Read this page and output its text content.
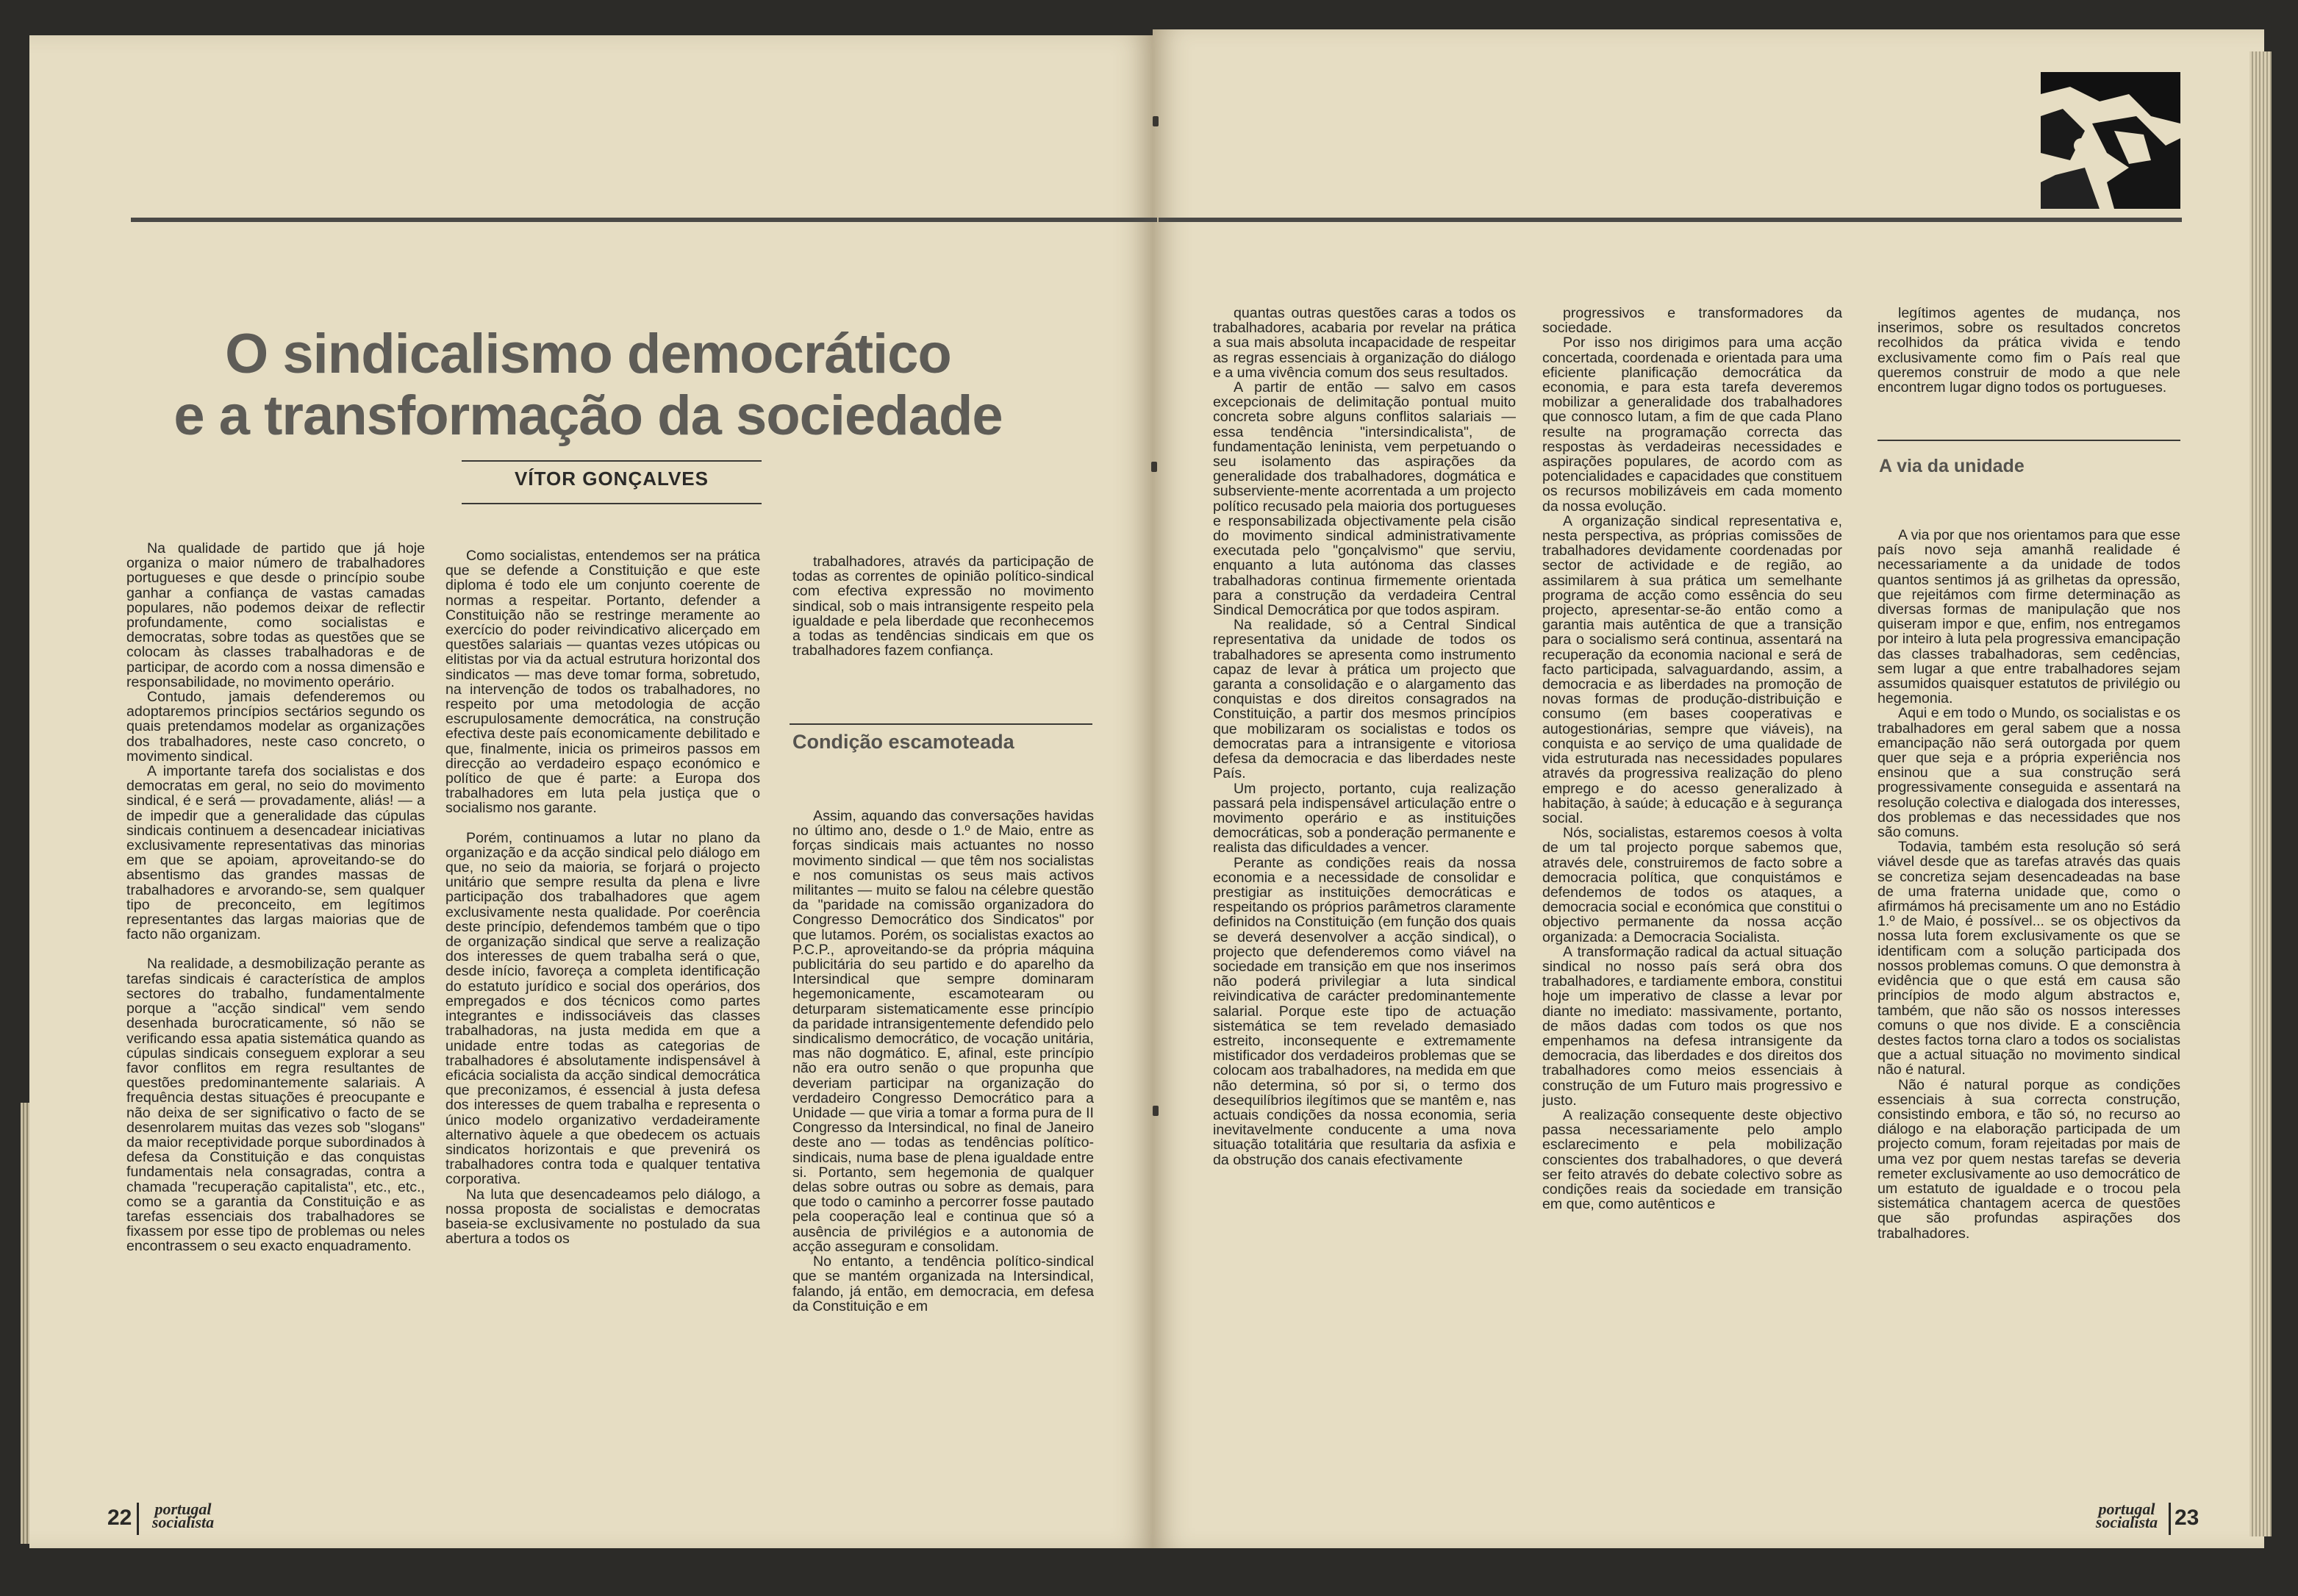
O sindicalismo democrático
e a transformação da sociedade
VÍTOR GONÇALVES

Na qualidade de partido que já hoje organiza o maior número de trabalhadores portugueses e que desde o princípio soube ganhar a confiança de vastas camadas populares, não podemos deixar de reflectir profundamente, como socialistas e democratas, sobre todas as questões que se colocam às classes trabalhadoras e de participar, de acordo com a nossa dimensão e responsabilidade, no movimento operário.

Contudo, jamais defenderemos ou adoptaremos princípios sectários segundo os quais pretendamos modelar as organizações dos trabalhadores, neste caso concreto, o movimento sindical.

A importante tarefa dos socialistas e dos democratas em geral, no seio do movimento sindical, é e será — provadamente, aliás! — a de impedir que a generalidade das cúpulas sindicais continuem a desencadear iniciativas exclusivamente representativas das minorias em que se apoiam, aproveitando-se do absentismo das grandes massas de trabalhadores e arvorando-se, sem qualquer tipo de preconceito, em legítimos representantes das largas maiorias que de facto não organizam.

Na realidade, a desmobilização perante as tarefas sindicais é característica de amplos sectores do trabalho, fundamentalmente porque a "acção sindical" vem sendo desenhada burocraticamente, só não se verificando essa apatia sistemática quando as cúpulas sindicais conseguem explorar a seu favor conflitos em regra resultantes de questões predominantemente salariais. A frequência destas situações é preocupante e não deixa de ser significativo o facto de se desenrolarem muitas das vezes sob "slogans" da maior receptividade porque subordinados à defesa da Constituição e das conquistas fundamentais nela consagradas, contra a chamada "recuperação capitalista", etc., etc., como se a garantia da Constituição e as tarefas essenciais dos trabalhadores se fixassem por esse tipo de problemas ou neles encontrassem o seu exacto enquadramento.

Como socialistas, entendemos ser na prática que se defende a Constituição e que este diploma é todo ele um conjunto coerente de normas a respeitar. Portanto, defender a Constituição não se restringe meramente ao exercício do poder reivindicativo alicerçado em questões salariais — quantas vezes utópicas ou elitistas por via da actual estrutura horizontal dos sindicatos — mas deve tomar forma, sobretudo, na intervenção de todos os trabalhadores, no respeito por uma metodologia de acção escrupulosamente democrática, na construção efectiva deste país economicamente debilitado e que, finalmente, inicia os primeiros passos em direcção ao verdadeiro espaço económico e político de que é parte: a Europa dos trabalhadores em luta pela justiça que o socialismo nos garante.

Porém, continuamos a lutar no plano da organização e da acção sindical pelo diálogo em que, no seio da maioria, se forjará o projecto unitário que sempre resulta da plena e livre participação dos trabalhadores que agem exclusivamente nesta qualidade. Por coerência deste princípio, defendemos também que o tipo de organização sindical que serve a realização dos interesses de quem trabalha será o que, desde início, favoreça a completa identificação do estatuto jurídico e social dos operários, dos empregados e dos técnicos como partes integrantes e indissociáveis das classes trabalhadoras, na justa medida em que a unidade entre todas as categorias de trabalhadores é absolutamente indispensável à eficácia socialista da acção sindical democrática que preconizamos, é essencial à justa defesa dos interesses de quem trabalha e representa o único modelo organizativo verdadeiramente alternativo àquele a que obedecem os actuais sindicatos horizontais e que prevenirá os trabalhadores contra toda e qualquer tentativa corporativa.

Na luta que desencadeamos pelo diálogo, a nossa proposta de socialistas e democratas baseia-se exclusivamente no postulado da sua abertura a todos os

trabalhadores, através da participação de todas as correntes de opinião político-sindical com efectiva expressão no movimento sindical, sob o mais intransigente respeito pela igualdade e pela liberdade que reconhecemos a todas as tendências sindicais em que os trabalhadores fazem confiança.

Condição escamoteada

Assim, aquando das conversações havidas no último ano, desde o 1.º de Maio, entre as forças sindicais mais actuantes no nosso movimento sindical — que têm nos socialistas e nos comunistas os seus mais activos militantes — muito se falou na célebre questão da "paridade na comissão organizadora do Congresso Democrático dos Sindicatos" por que lutamos. Porém, os socialistas exactos ao P.C.P., aproveitando-se da própria máquina publicitária do seu partido e do aparelho da Intersindical que sempre dominaram hegemonicamente, escamotearam ou deturparam sistematicamente esse princípio da paridade intransigentemente defendido pelo sindicalismo democrático, de vocação unitária, mas não dogmático. E, afinal, este princípio não era outro senão o que propunha que deveriam participar na organização do verdadeiro Congresso Democrático para a Unidade — que viria a tomar a forma pura de II Congresso da Intersindical, no final de Janeiro deste ano — todas as tendências político-sindicais, numa base de plena igualdade entre si. Portanto, sem hegemonia de qualquer delas sobre outras ou sobre as demais, para que todo o caminho a percorrer fosse pautado pela cooperação leal e continua que só a ausência de privilégios e a autonomia de acção asseguram e consolidam.

No entanto, a tendência político-sindical que se mantém organizada na Intersindical, falando, já então, em democracia, em defesa da Constituição e em

quantas outras questões caras a todos os trabalhadores, acabaria por revelar na prática a sua mais absoluta incapacidade de respeitar as regras essenciais à organização do diálogo e a uma vivência comum dos seus resultados.

A partir de então — salvo em casos excepcionais de delimitação pontual muito concreta sobre alguns conflitos salariais — essa tendência "intersindicalista", de fundamentação leninista, vem perpetuando o seu isolamento das aspirações da generalidade dos trabalhadores, dogmática e subserviente-mente acorrentada a um projecto político recusado pela maioria dos portugueses e responsabilizada objectivamente pela cisão do movimento sindical administrativamente executada pelo "gonçalvismo" que serviu, enquanto a luta autónoma das classes trabalhadoras continua firmemente orientada para a construção da verdadeira Central Sindical Democrática por que todos aspiram.

Na realidade, só a Central Sindical representativa da unidade de todos os trabalhadores se apresenta como instrumento capaz de levar à prática um projecto que garanta a consolidação e o alargamento das conquistas e dos direitos consagrados na Constituição, a partir dos mesmos princípios que mobilizaram os socialistas e todos os democratas para a intransigente e vitoriosa defesa da democracia e das liberdades neste País.

Um projecto, portanto, cuja realização passará pela indispensável articulação entre o movimento operário e as instituições democráticas, sob a ponderação permanente e realista das dificuldades a vencer.

Perante as condições reais da nossa economia e a necessidade de consolidar e prestigiar as instituições democráticas e respeitando os próprios parâmetros claramente definidos na Constituição (em função dos quais se deverá desenvolver a acção sindical), o projecto que defenderemos como viável na sociedade em transição em que nos inserimos não poderá privilegiar a luta sindical reivindicativa de carácter predominantemente salarial. Porque este tipo de actuação sistemática se tem revelado demasiado estreito, inconsequente e extremamente mistificador dos verdadeiros problemas que se colocam aos trabalhadores, na medida em que não determina, só por si, o termo dos desequilíbrios ilegítimos que se mantêm e, nas actuais condições da nossa economia, seria inevitavelmente conducente a uma nova situação totalitária que resultaria da asfixia e da obstrução dos canais efectivamente

progressivos e transformadores da sociedade.

Por isso nos dirigimos para uma acção concertada, coordenada e orientada para uma eficiente planificação democrática da economia, e para esta tarefa deveremos mobilizar a generalidade dos trabalhadores que connosco lutam, a fim de que cada Plano resulte na programação correcta das respostas às verdadeiras necessidades e aspirações populares, de acordo com as potencialidades e capacidades que constituem os recursos mobilizáveis em cada momento da nossa evolução.

A organização sindical representativa e, nesta perspectiva, as próprias comissões de trabalhadores devidamente coordenadas por sector de actividade e de região, ao assimilarem à sua prática um semelhante programa de acção como essência do seu projecto, apresentar-se-ão então como a garantia mais autêntica de que a transição para o socialismo será continua, assentará na recuperação da economia nacional e será de facto participada, salvaguardando, assim, a democracia e as liberdades na promoção de novas formas de produção-distribuição e consumo (em bases cooperativas e autogestionárias, sempre que viáveis), na conquista e ao serviço de uma qualidade de vida estruturada nas necessidades populares através da progressiva realização do pleno emprego e do acesso generalizado à habitação, à saúde; à educação e à segurança social.

Nós, socialistas, estaremos coesos à volta de um tal projecto porque sabemos que, através dele, construiremos de facto sobre a democracia política, que conquistámos e defendemos de todos os ataques, a democracia social e económica que constitui o objectivo permanente da nossa acção organizada: a Democracia Socialista.

A transformação radical da actual situação sindical no nosso país será obra dos trabalhadores, e tardiamente embora, constitui hoje um imperativo de classe a levar por diante no imediato: massivamente, portanto, de mãos dadas com todos os que nos empenhamos na defesa intransigente da democracia, das liberdades e dos direitos dos trabalhadores como meios essenciais à construção de um Futuro mais progressivo e justo.

A realização consequente deste objectivo passa necessariamente pelo amplo esclarecimento e pela mobilização conscientes dos trabalhadores, o que deverá ser feito através do debate colectivo sobre as condições reais da sociedade em transição em que, como autênticos e

legítimos agentes de mudança, nos inserimos, sobre os resultados concretos recolhidos da prática vivida e tendo exclusivamente como fim o País real que queremos construir de modo a que nele encontrem lugar digno todos os portugueses.

A via da unidade

A via por que nos orientamos para que esse país novo seja amanhã realidade é necessariamente a da unidade de todos quantos sentimos já as grilhetas da opressão, que rejeitámos com firme determinação as diversas formas de manipulação que nos quiseram impor e que, enfim, nos entregamos por inteiro à luta pela progressiva emancipação das classes trabalhadoras, sem cedências, sem lugar a que entre trabalhadores sejam assumidos quaisquer estatutos de privilégio ou hegemonia.

Aqui e em todo o Mundo, os socialistas e os trabalhadores em geral sabem que a nossa emancipação não será outorgada por quem quer que seja e a própria experiência nos ensinou que a sua construção será progressivamente conseguida e assentará na resolução colectiva e dialogada dos interesses, dos problemas e das necessidades que nos são comuns.

Todavia, também esta resolução só será viável desde que as tarefas através das quais se concretiza sejam desencadeadas na base de uma fraterna unidade que, como o afirmámos há precisamente um ano no Estádio 1.º de Maio, é possível... se os objectivos da nossa luta forem exclusivamente os que se identificam com a solução participada dos nossos problemas comuns. O que demonstra à evidência que o que está em causa são princípios de modo algum abstractos e, também, que não são os nossos interesses comuns o que nos divide. E a consciência destes factos torna claro a todos os socialistas que a actual situação no movimento sindical não é natural.

Não é natural porque as condições essenciais à sua correcta construção, consistindo embora, e tão só, no recurso ao diálogo e na elaboração participada de um projecto comum, foram rejeitadas por mais de uma vez por quem nestas tarefas se deveria remeter exclusivamente ao uso democrático de um estatuto de igualdade e o trocou pela sistemática chantagem acerca de questões que são profundas aspirações dos trabalhadores.

22	portugal
socialista
portugal
socialista 23
